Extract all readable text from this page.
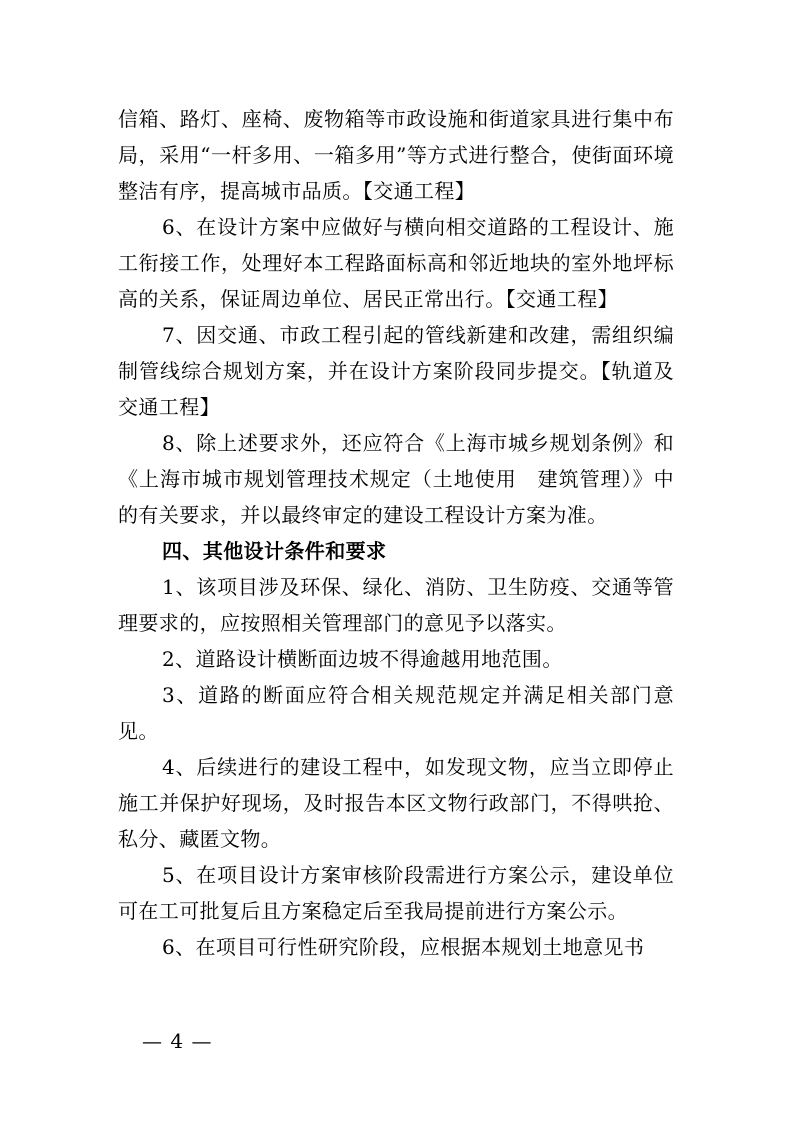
信箱、路灯、座椅、废物箱等市政设施和街道家具进行集中布局，采用“一杆多用、一箱多用”等方式进行整合，使街面环境整洁有序，提高城市品质。【交通工程】

6、在设计方案中应做好与横向相交道路的工程设计、施工衔接工作，处理好本工程路面标高和邻近地块的室外地坪标高的关系，保证周边单位、居民正常出行。【交通工程】

7、因交通、市政工程引起的管线新建和改建，需组织编制管线综合规划方案，并在设计方案阶段同步提交。【轨道及交通工程】

8、除上述要求外，还应符合《上海市城乡规划条例》和《上海市城市规划管理技术规定（土地使用　建筑管理）》中的有关要求，并以最终审定的建设工程设计方案为准。

四、其他设计条件和要求

1、该项目涉及环保、绿化、消防、卫生防疫、交通等管理要求的，应按照相关管理部门的意见予以落实。

2、道路设计横断面边坡不得逾越用地范围。

3、道路的断面应符合相关规范规定并满足相关部门意见。

4、后续进行的建设工程中，如发现文物，应当立即停止施工并保护好现场，及时报告本区文物行政部门，不得哄抢、私分、藏匿文物。

5、在项目设计方案审核阶段需进行方案公示，建设单位可在工可批复后且方案稳定后至我局提前进行方案公示。

6、在项目可行性研究阶段，应根据本规划土地意见书

— 4 —
